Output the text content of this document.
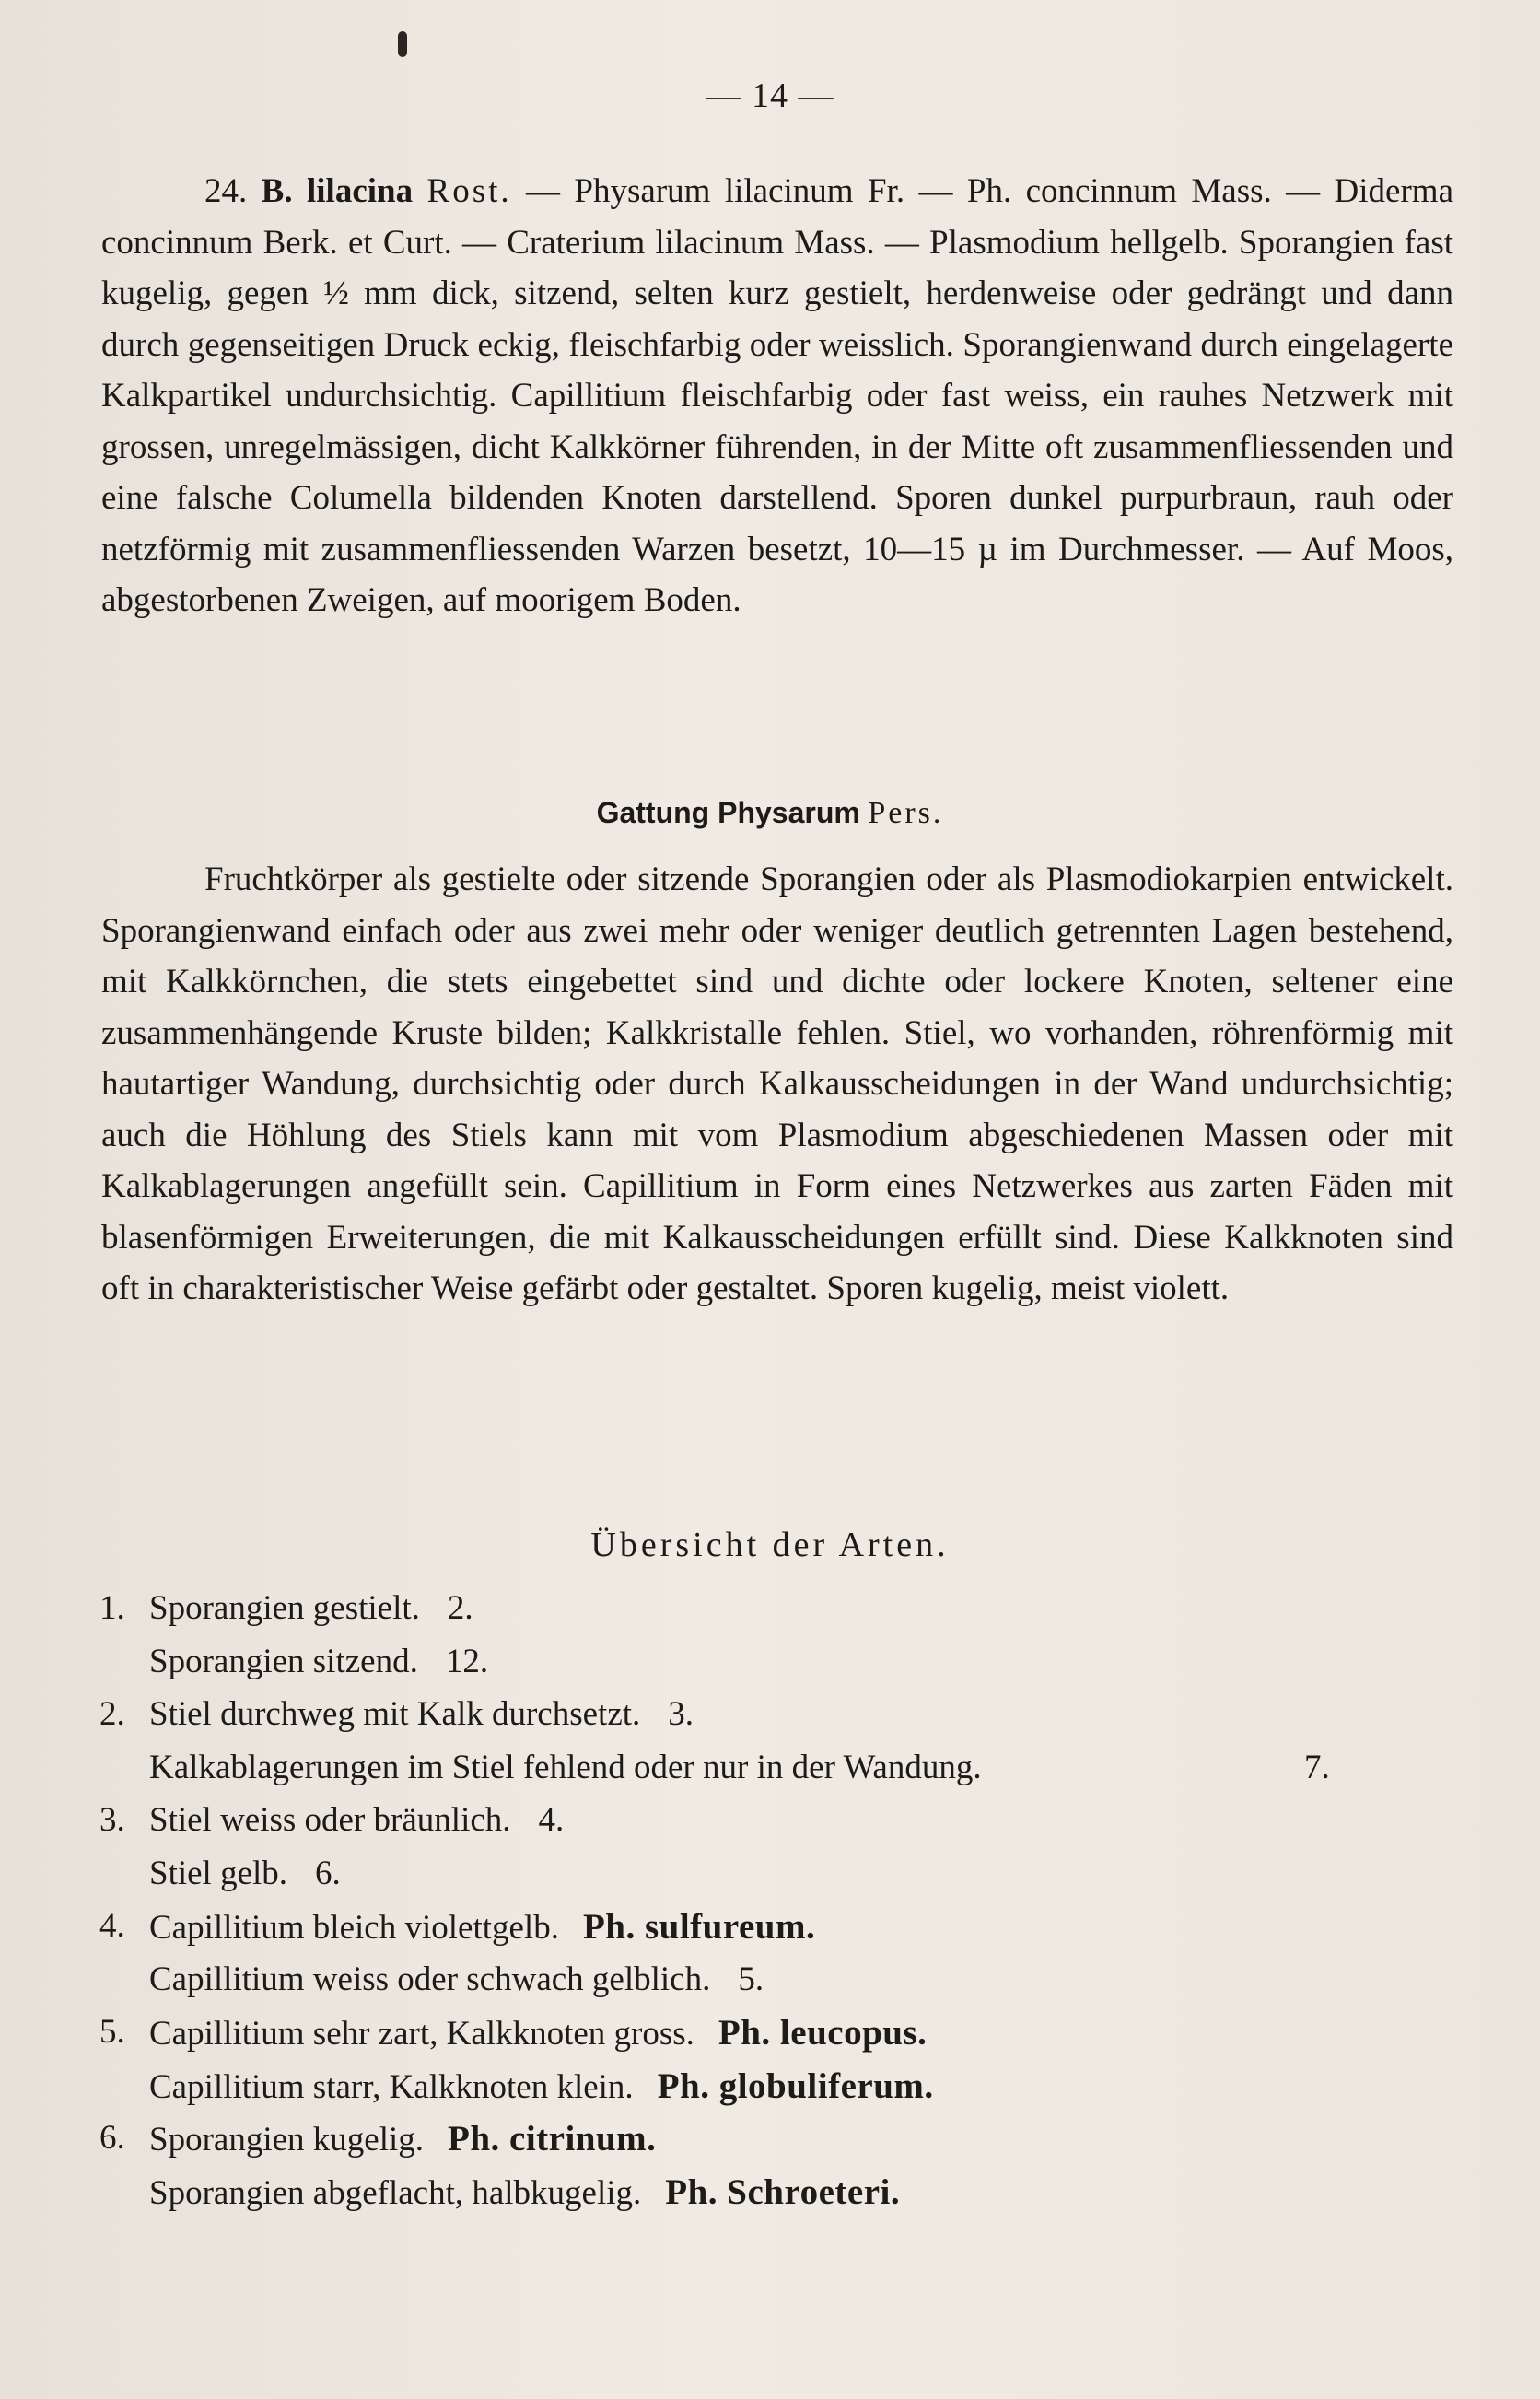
— 14 —

24. B. lilacina Rost. — Physarum lilacinum Fr. — Ph. concinnum Mass. — Diderma concinnum Berk. et Curt. — Craterium lilacinum Mass. — Plasmodium hellgelb. Sporangien fast kugelig, gegen ½ mm dick, sitzend, selten kurz gestielt, herdenweise oder gedrängt und dann durch gegenseitigen Druck eckig, fleischfarbig oder weisslich. Sporangienwand durch eingelagerte Kalkpartikel undurchsichtig. Capillitium fleischfarbig oder fast weiss, ein rauhes Netzwerk mit grossen, unregelmässigen, dicht Kalkkörner führenden, in der Mitte oft zusammenfliessenden und eine falsche Columella bildenden Knoten darstellend. Sporen dunkel purpurbraun, rauh oder netzförmig mit zusammenfliessenden Warzen besetzt, 10—15 µ im Durchmesser. — Auf Moos, abgestorbenen Zweigen, auf moorigem Boden.

Gattung Physarum Pers.

Fruchtkörper als gestielte oder sitzende Sporangien oder als Plasmodiokarpien entwickelt. Sporangienwand einfach oder aus zwei mehr oder weniger deutlich getrennten Lagen bestehend, mit Kalkkörnchen, die stets eingebettet sind und dichte oder lockere Knoten, seltener eine zusammenhängende Kruste bilden; Kalkkristalle fehlen. Stiel, wo vorhanden, röhrenförmig mit hautartiger Wandung, durchsichtig oder durch Kalkausscheidungen in der Wand undurchsichtig; auch die Höhlung des Stiels kann mit vom Plasmodium abgeschiedenen Massen oder mit Kalkablagerungen angefüllt sein. Capillitium in Form eines Netzwerkes aus zarten Fäden mit blasenförmigen Erweiterungen, die mit Kalkausscheidungen erfüllt sind. Diese Kalkknoten sind oft in charakteristischer Weise gefärbt oder gestaltet. Sporen kugelig, meist violett.

Übersicht der Arten.
1. Sporangien gestielt. 2.
Sporangien sitzend. 12.
2. Stiel durchweg mit Kalk durchsetzt. 3.
Kalkablagerungen im Stiel fehlend oder nur in der Wandung.	7.
3. Stiel weiss oder bräunlich. 4.
Stiel gelb. 6.
4. Capillitium bleich violettgelb. Ph. sulfureum.
Capillitium weiss oder schwach gelblich. 5.
5. Capillitium sehr zart, Kalkknoten gross. Ph. leucopus.
Capillitium starr, Kalkknoten klein. Ph. globuliferum.
6. Sporangien kugelig. Ph. citrinum.
Sporangien abgeflacht, halbkugelig. Ph. Schroeteri.
